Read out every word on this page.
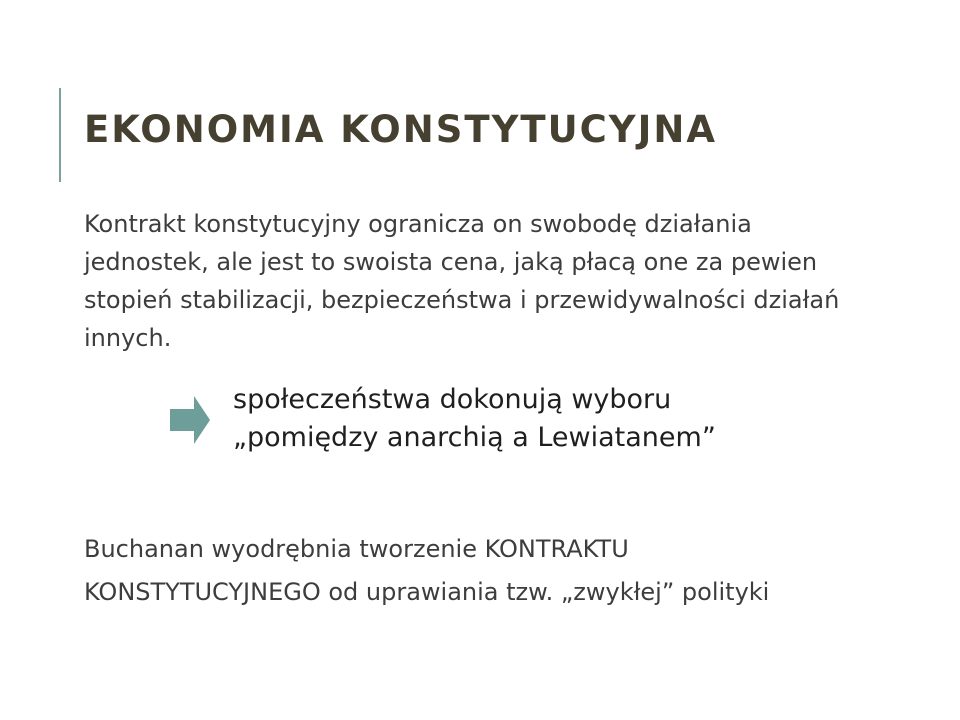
EKONOMIA KONSTYTUCYJNA

Kontrakt konstytucyjny ogranicza on swobodę działania jednostek, ale jest to swoista cena, jaką płacą one za pewien stopień stabilizacji, bezpieczeństwa i przewidywalności działań innych.

społeczeństwa dokonują wyboru
„pomiędzy anarchią a Lewiatanem”

Buchanan wyodrębnia tworzenie KONTRAKTU
KONSTYTUCYJNEGO od uprawiania tzw. „zwykłej” polityki
